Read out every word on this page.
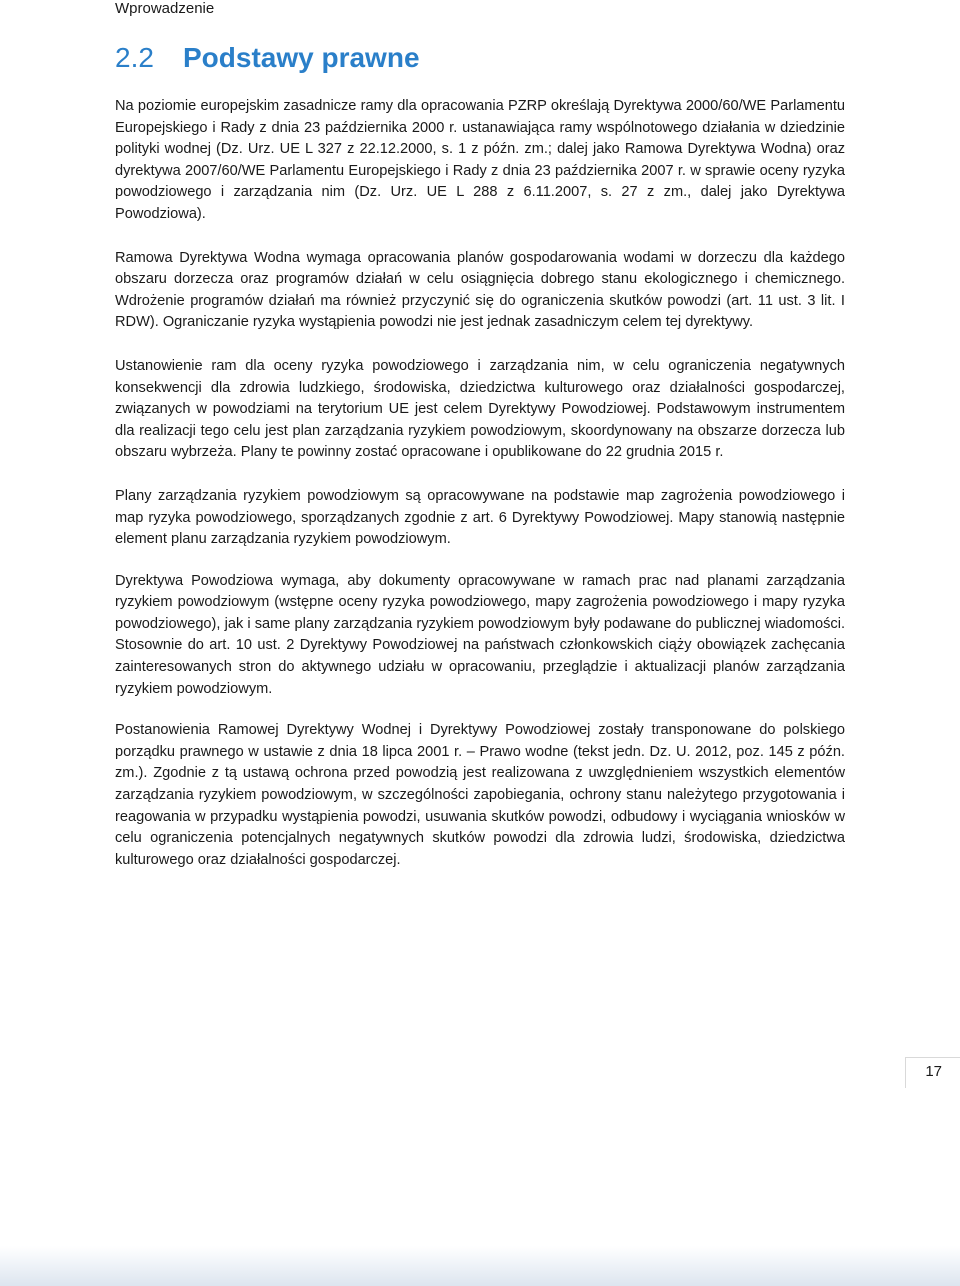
Wprowadzenie
2.2 Podstawy prawne

Na poziomie europejskim zasadnicze ramy dla opracowania PZRP określają Dyrektywa 2000/60/WE Parlamentu Europejskiego i Rady z dnia 23 października 2000 r. ustanawiająca ramy wspólnotowego działania w dziedzinie polityki wodnej (Dz. Urz. UE L 327 z 22.12.2000, s. 1 z późn. zm.; dalej jako Ramowa Dyrektywa Wodna) oraz dyrektywa 2007/60/WE Parlamentu Europejskiego i Rady z dnia 23 października 2007 r. w sprawie oceny ryzyka powodziowego i zarządzania nim (Dz. Urz. UE L 288 z 6.11.2007, s. 27 z zm., dalej jako Dyrektywa Powodziowa).

Ramowa Dyrektywa Wodna wymaga opracowania planów gospodarowania wodami w dorzeczu dla każdego obszaru dorzecza oraz programów działań w celu osiągnięcia dobrego stanu ekologicznego i chemicznego. Wdrożenie programów działań ma również przyczynić się do ograniczenia skutków powodzi (art. 11 ust. 3 lit. I RDW). Ograniczanie ryzyka wystąpienia powodzi nie jest jednak zasadniczym celem tej dyrektywy.

Ustanowienie ram dla oceny ryzyka powodziowego i zarządzania nim, w celu ograniczenia negatywnych konsekwencji dla zdrowia ludzkiego, środowiska, dziedzictwa kulturowego oraz działalności gospodarczej, związanych w powodziami na terytorium UE jest celem Dyrektywy Powodziowej. Podstawowym instrumentem dla realizacji tego celu jest plan zarządzania ryzykiem powodziowym, skoordynowany na obszarze dorzecza lub obszaru wybrzeża. Plany te powinny zostać opracowane i opublikowane do 22 grudnia 2015 r.

Plany zarządzania ryzykiem powodziowym są opracowywane na podstawie map zagrożenia powodziowego i map ryzyka powodziowego, sporządzanych zgodnie z art. 6 Dyrektywy Powodziowej. Mapy stanowią następnie element planu zarządzania ryzykiem powodziowym.

Dyrektywa Powodziowa wymaga, aby dokumenty opracowywane w ramach prac nad planami zarządzania ryzykiem powodziowym (wstępne oceny ryzyka powodziowego, mapy zagrożenia powodziowego i mapy ryzyka powodziowego), jak i same plany zarządzania ryzykiem powodziowym były podawane do publicznej wiadomości. Stosownie do art. 10 ust. 2 Dyrektywy Powodziowej na państwach członkowskich ciąży obowiązek zachęcania zainteresowanych stron do aktywnego udziału w opracowaniu, przeglądzie i aktualizacji planów zarządzania ryzykiem powodziowym.

Postanowienia Ramowej Dyrektywy Wodnej i Dyrektywy Powodziowej zostały transponowane do polskiego porządku prawnego w ustawie z dnia 18 lipca 2001 r. – Prawo wodne (tekst jedn. Dz. U. 2012, poz. 145 z późn. zm.). Zgodnie z tą ustawą ochrona przed powodzią jest realizowana z uwzględnieniem wszystkich elementów zarządzania ryzykiem powodziowym, w szczególności zapobiegania, ochrony stanu należytego przygotowania i reagowania w przypadku wystąpienia powodzi, usuwania skutków powodzi, odbudowy i wyciągania wniosków w celu ograniczenia potencjalnych negatywnych skutków powodzi dla zdrowia ludzi, środowiska, dziedzictwa kulturowego oraz działalności gospodarczej.

17
